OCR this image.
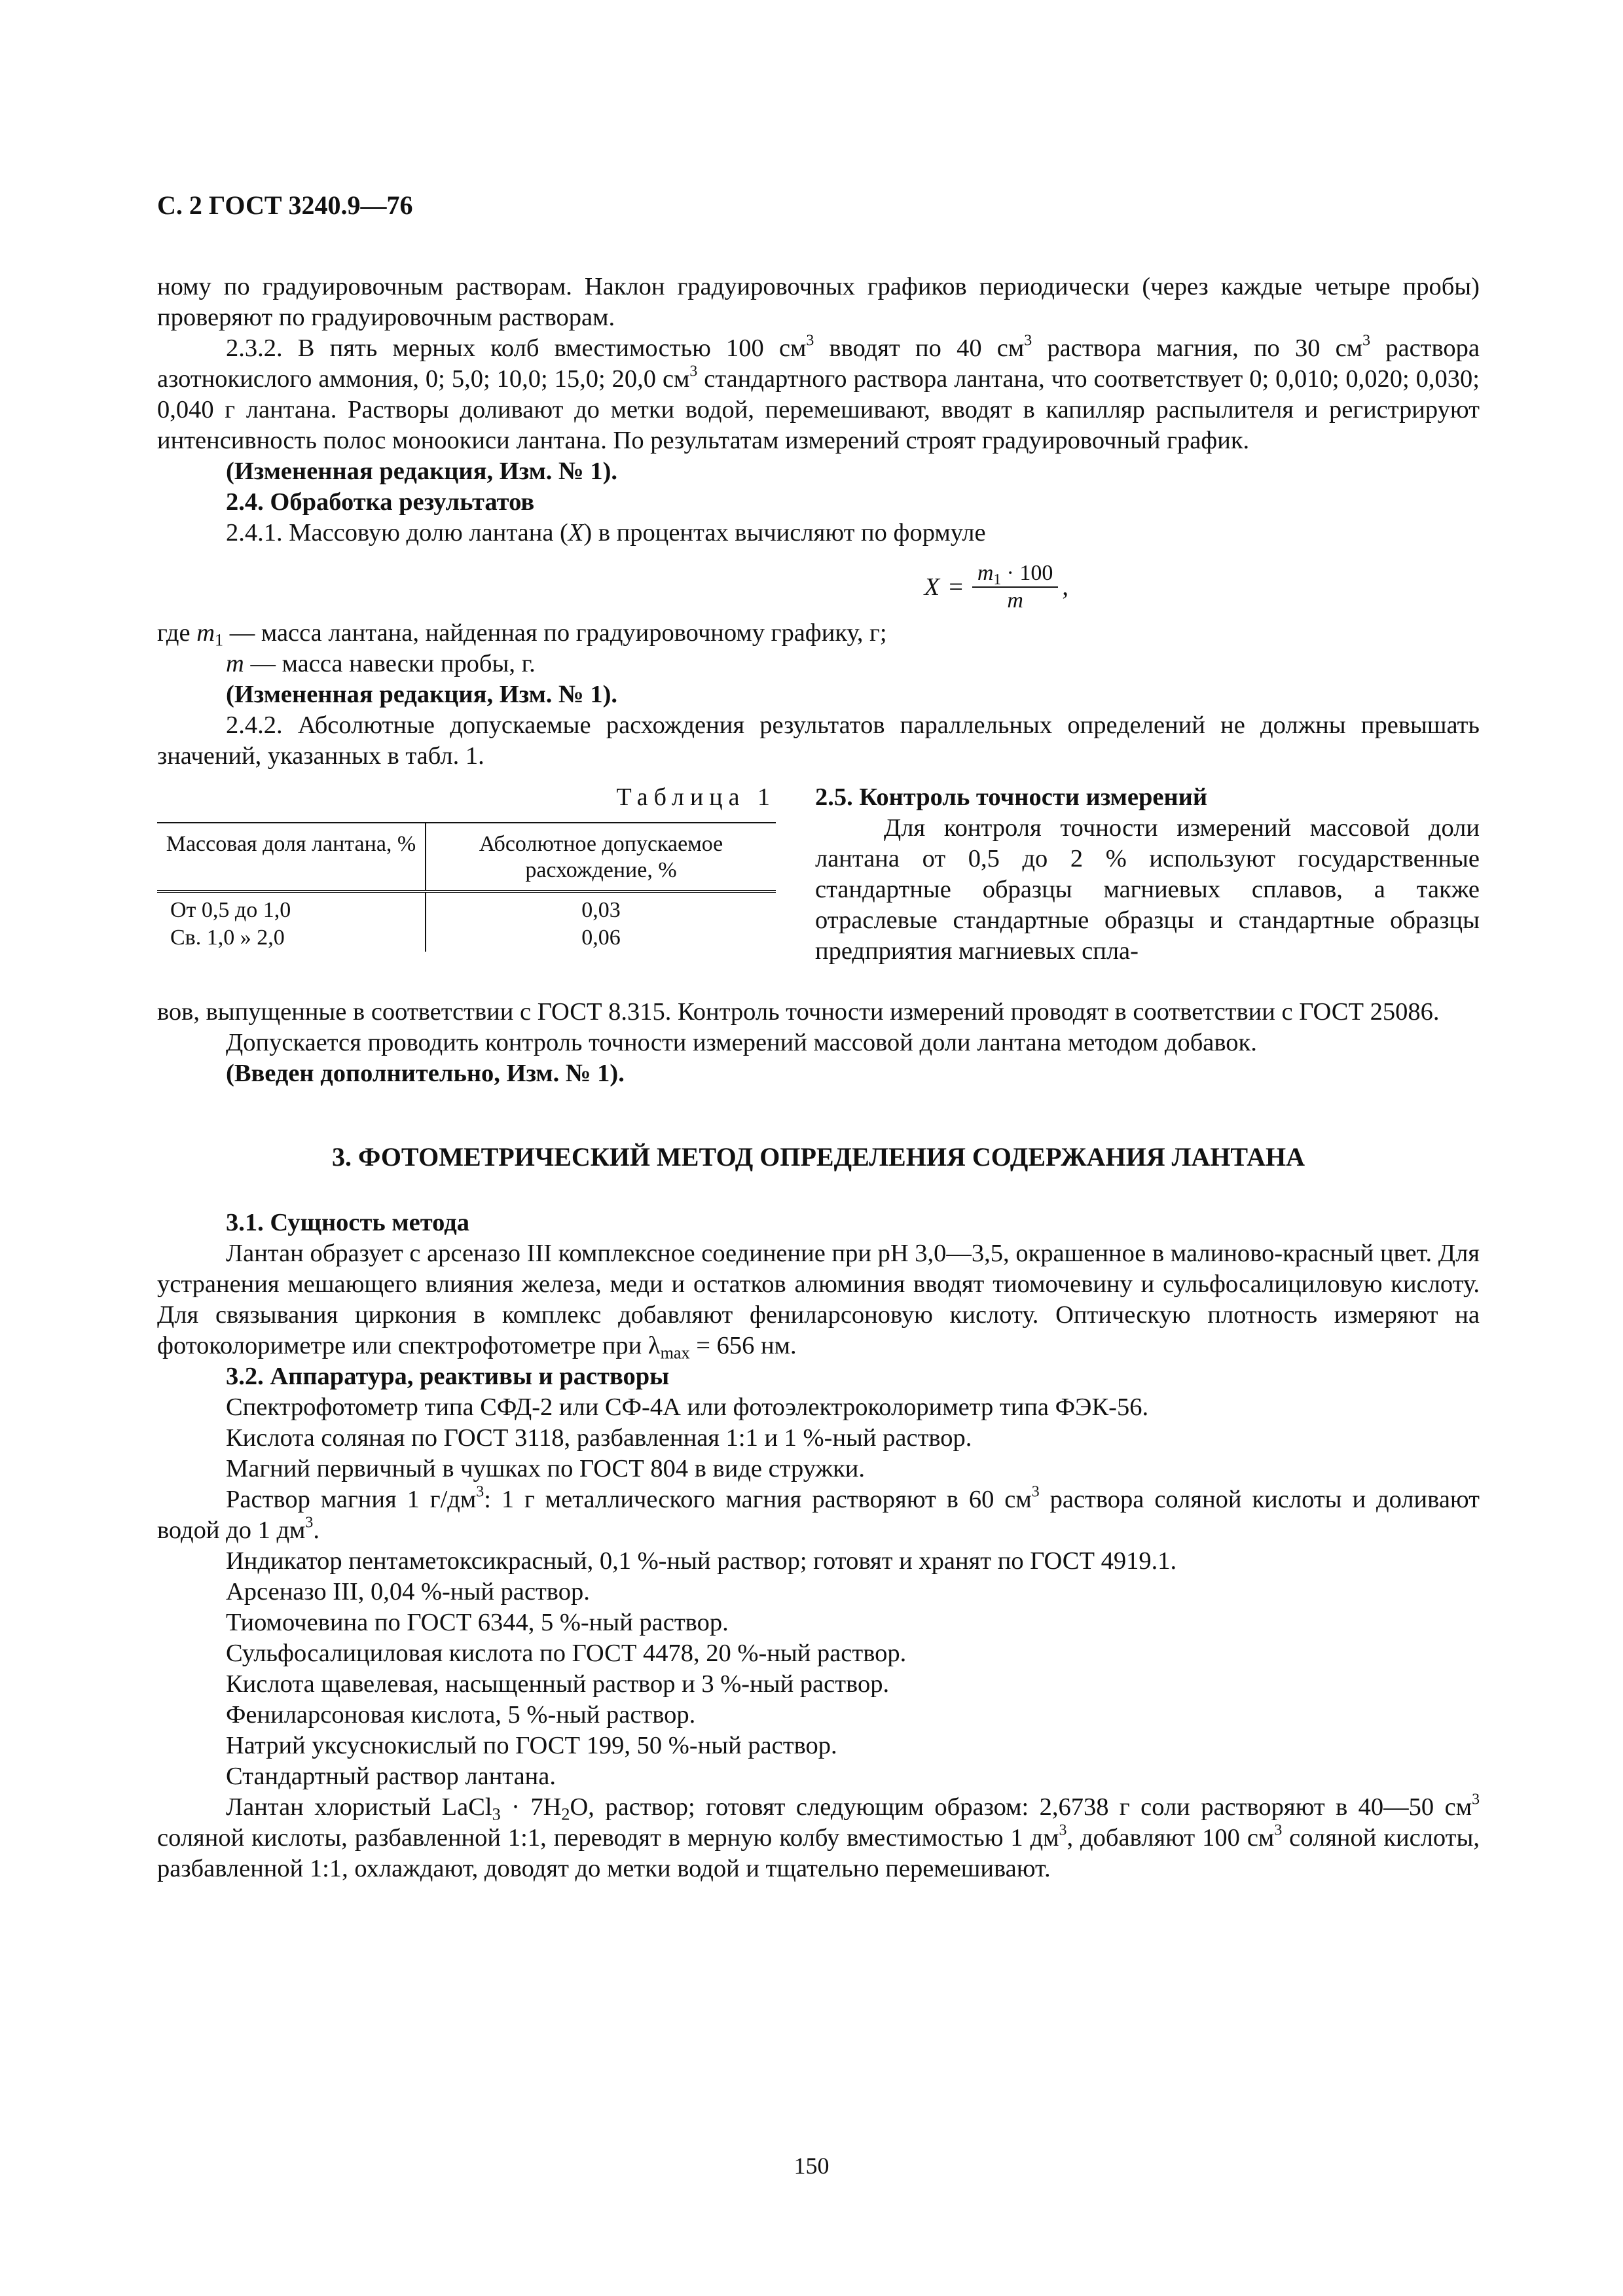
С. 2 ГОСТ 3240.9—76

ному по градуировочным растворам. Наклон градуировочных графиков периодически (через каждые четыре пробы) проверяют по градуировочным растворам.

2.3.2. В пять мерных колб вместимостью 100 $см^3$ вводят по 40 $см^3$ раствора магния, по 30 $см^3$ раствора азотнокислого аммония, 0; 5,0; 10,0; 15,0; 20,0 $см^3$ стандартного раствора лантана, что соответствует 0; 0,010; 0,020; 0,030; 0,040 г лантана. Растворы доливают до метки водой, перемешивают, вводят в капилляр распылителя и регистрируют интенсивность полос моноокиси лантана. По результатам измерений строят градуировочный график.

(Измененная редакция, Изм. № 1).

2.4. Обработка результатов

2.4.1. Массовую долю лантана (X) в процентах вычисляют по формуле

$X = \frac{m_1 \cdot 100}{m}$ ,

где $m_1$ — масса лантана, найденная по градуировочному графику, г;

m — масса навески пробы, г.

(Измененная редакция, Изм. № 1).

2.4.2. Абсолютные допускаемые расхождения результатов параллельных определений не должны превышать значений, указанных в табл. 1.

Таблица 1
Массовая доля лантана, %	Абсолютное допускаемое расхождение, %
От 0,5 до 1,0	0,03
Св. 1,0 » 2,0	0,06

2.5. Контроль точности измерений

Для контроля точности измерений массовой доли лантана от 0,5 до 2 % используют государственные стандартные образцы магниевых сплавов, а также отраслевые стандартные образцы и стандартные образцы предприятия магниевых спла-

вов, выпущенные в соответствии с ГОСТ 8.315. Контроль точности измерений проводят в соответствии с ГОСТ 25086.

Допускается проводить контроль точности измерений массовой доли лантана методом добавок.

(Введен дополнительно, Изм. № 1).

3. ФОТОМЕТРИЧЕСКИЙ МЕТОД ОПРЕДЕЛЕНИЯ СОДЕРЖАНИЯ ЛАНТАНА

3.1. Сущность метода

Лантан образует с арсеназо III комплексное соединение при рН 3,0—3,5, окрашенное в малиново-красный цвет. Для устранения мешающего влияния железа, меди и остатков алюминия вводят тиомочевину и сульфосалициловую кислоту. Для связывания циркония в комплекс добавляют фениларсоновую кислоту. Оптическую плотность измеряют на фотоколориметре или спектрофотометре при $\lambda_{max} = 656$ нм.

3.2. Аппаратура, реактивы и растворы

Спектрофотометр типа СФД-2 или СФ-4А или фотоэлектроколориметр типа ФЭК-56.

Кислота соляная по ГОСТ 3118, разбавленная 1:1 и 1 %-ный раствор.

Магний первичный в чушках по ГОСТ 804 в виде стружки.

Раствор магния 1 $г/дм^3$: 1 г металлического магния растворяют в 60 $см^3$ раствора соляной кислоты и доливают водой до 1 $дм^3$.

Индикатор пентаметоксикрасный, 0,1 %-ный раствор; готовят и хранят по ГОСТ 4919.1.

Арсеназо III, 0,04 %-ный раствор.

Тиомочевина по ГОСТ 6344, 5 %-ный раствор.

Сульфосалициловая кислота по ГОСТ 4478, 20 %-ный раствор.

Кислота щавелевая, насыщенный раствор и 3 %-ный раствор.

Фениларсоновая кислота, 5 %-ный раствор.

Натрий уксуснокислый по ГОСТ 199, 50 %-ный раствор.

Стандартный раствор лантана.

Лантан хлористый LaCl$_3$ · $7H_2O$, раствор; готовят следующим образом: 2,6738 г соли растворяют в 40—50 $см^3$ соляной кислоты, разбавленной 1:1, переводят в мерную колбу вместимостью 1 $дм^3$, добавляют 100 $см^3$ соляной кислоты, разбавленной 1:1, охлаждают, доводят до метки водой и тщательно перемешивают.

150
